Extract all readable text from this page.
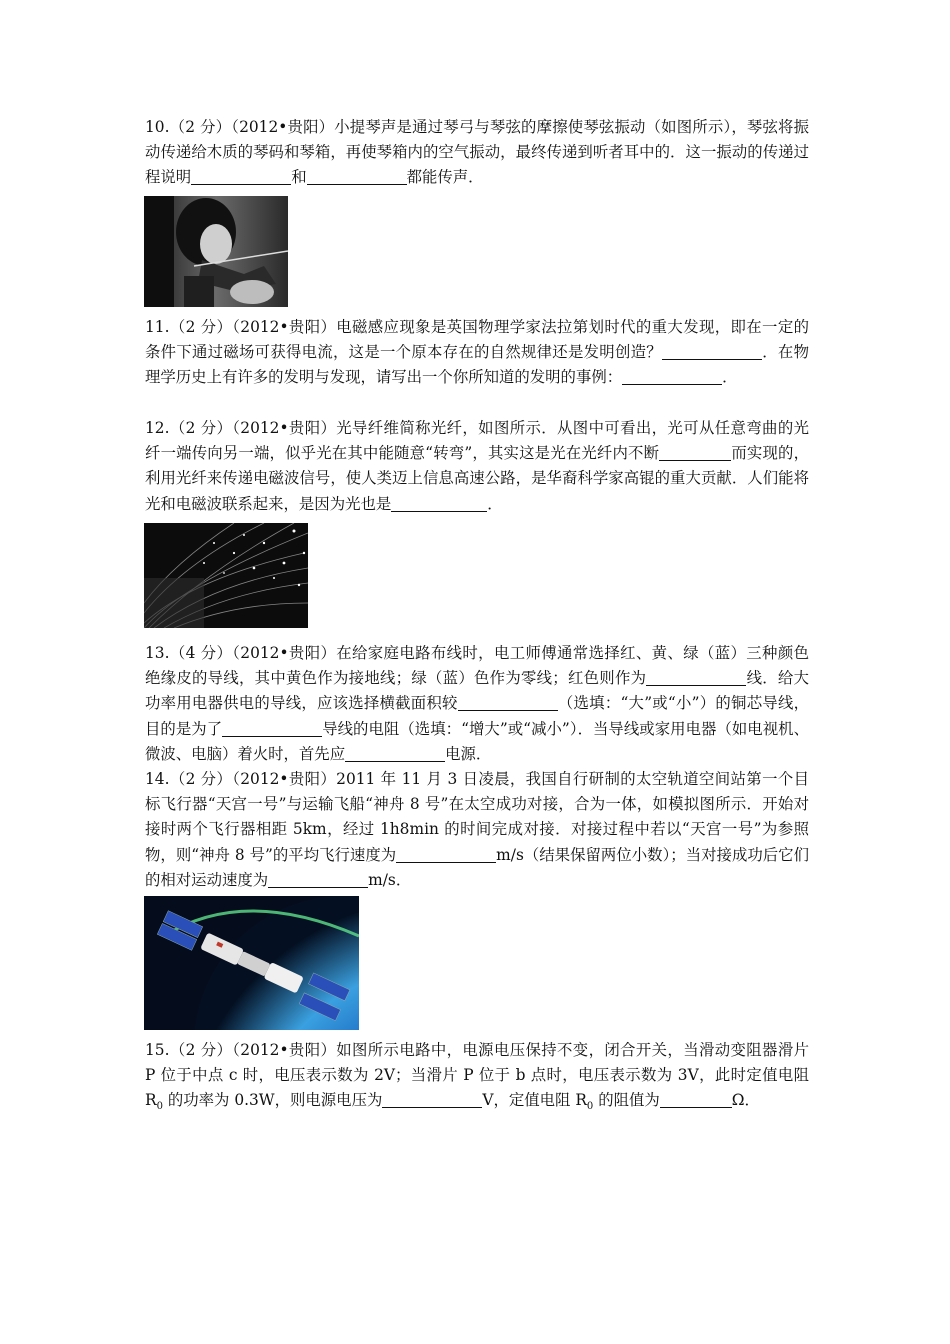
10.（2 分）（2012•贵阳）小提琴声是通过琴弓与琴弦的摩擦使琴弦振动（如图所示），琴弦将振动传递给木质的琴码和琴箱，再使琴箱内的空气振动，最终传递到听者耳中的．这一振动的传递过程说明	和	都能传声．
11.（2 分）（2012•贵阳）电磁感应现象是英国物理学家法拉第划时代的重大发现，即在一定的条件下通过磁场可获得电流，这是一个原本存在的自然规律还是发明创造？	．在物理学历史上有许多的发明与发现，请写出一个你所知道的发明的事例：	．
12.（2 分）（2012•贵阳）光导纤维简称光纤，如图所示．从图中可看出，光可从任意弯曲的光纤一端传向另一端，似乎光在其中能随意“转弯”，其实这是光在光纤内不断	而实现的，利用光纤来传递电磁波信号，使人类迈上信息高速公路，是华裔科学家高锟的重大贡献．人们能将光和电磁波联系起来，是因为光也是	．
13.（4 分）（2012•贵阳）在给家庭电路布线时，电工师傅通常选择红、黄、绿（蓝）三种颜色绝缘皮的导线，其中黄色作为接地线；绿（蓝）色作为零线；红色则作为	线．给大功率用电器供电的导线，应该选择横截面积较	（选填：“大”或“小”）的铜芯导线，目的是为了	导线的电阻（选填：“增大”或“减小”）．当导线或家用电器（如电视机、微波、电脑）着火时，首先应	电源．
14.（2 分）（2012•贵阳）2011 年 11 月 3 日凌晨，我国自行研制的太空轨道空间站第一个目标飞行器“天宫一号”与运输飞船“神舟 8 号”在太空成功对接，合为一体，如模拟图所示．开始对接时两个飞行器相距 5km，经过 1h8min 的时间完成对接．对接过程中若以“天宫一号”为参照物，则“神舟 8 号”的平均飞行速度为	m/s（结果保留两位小数）；当对接成功后它们的相对运动速度为	m/s．
15.（2 分）（2012•贵阳）如图所示电路中，电源电压保持不变，闭合开关，当滑动变阻器滑片 P 位于中点 c 时，电压表示数为 2V；当滑片 P 位于 b 点时，电压表示数为 3V，此时定值电阻 $R_0$ 的功率为 0.3W，则电源电压为	V，定值电阻 $R_0$ 的阻值为	Ω．
